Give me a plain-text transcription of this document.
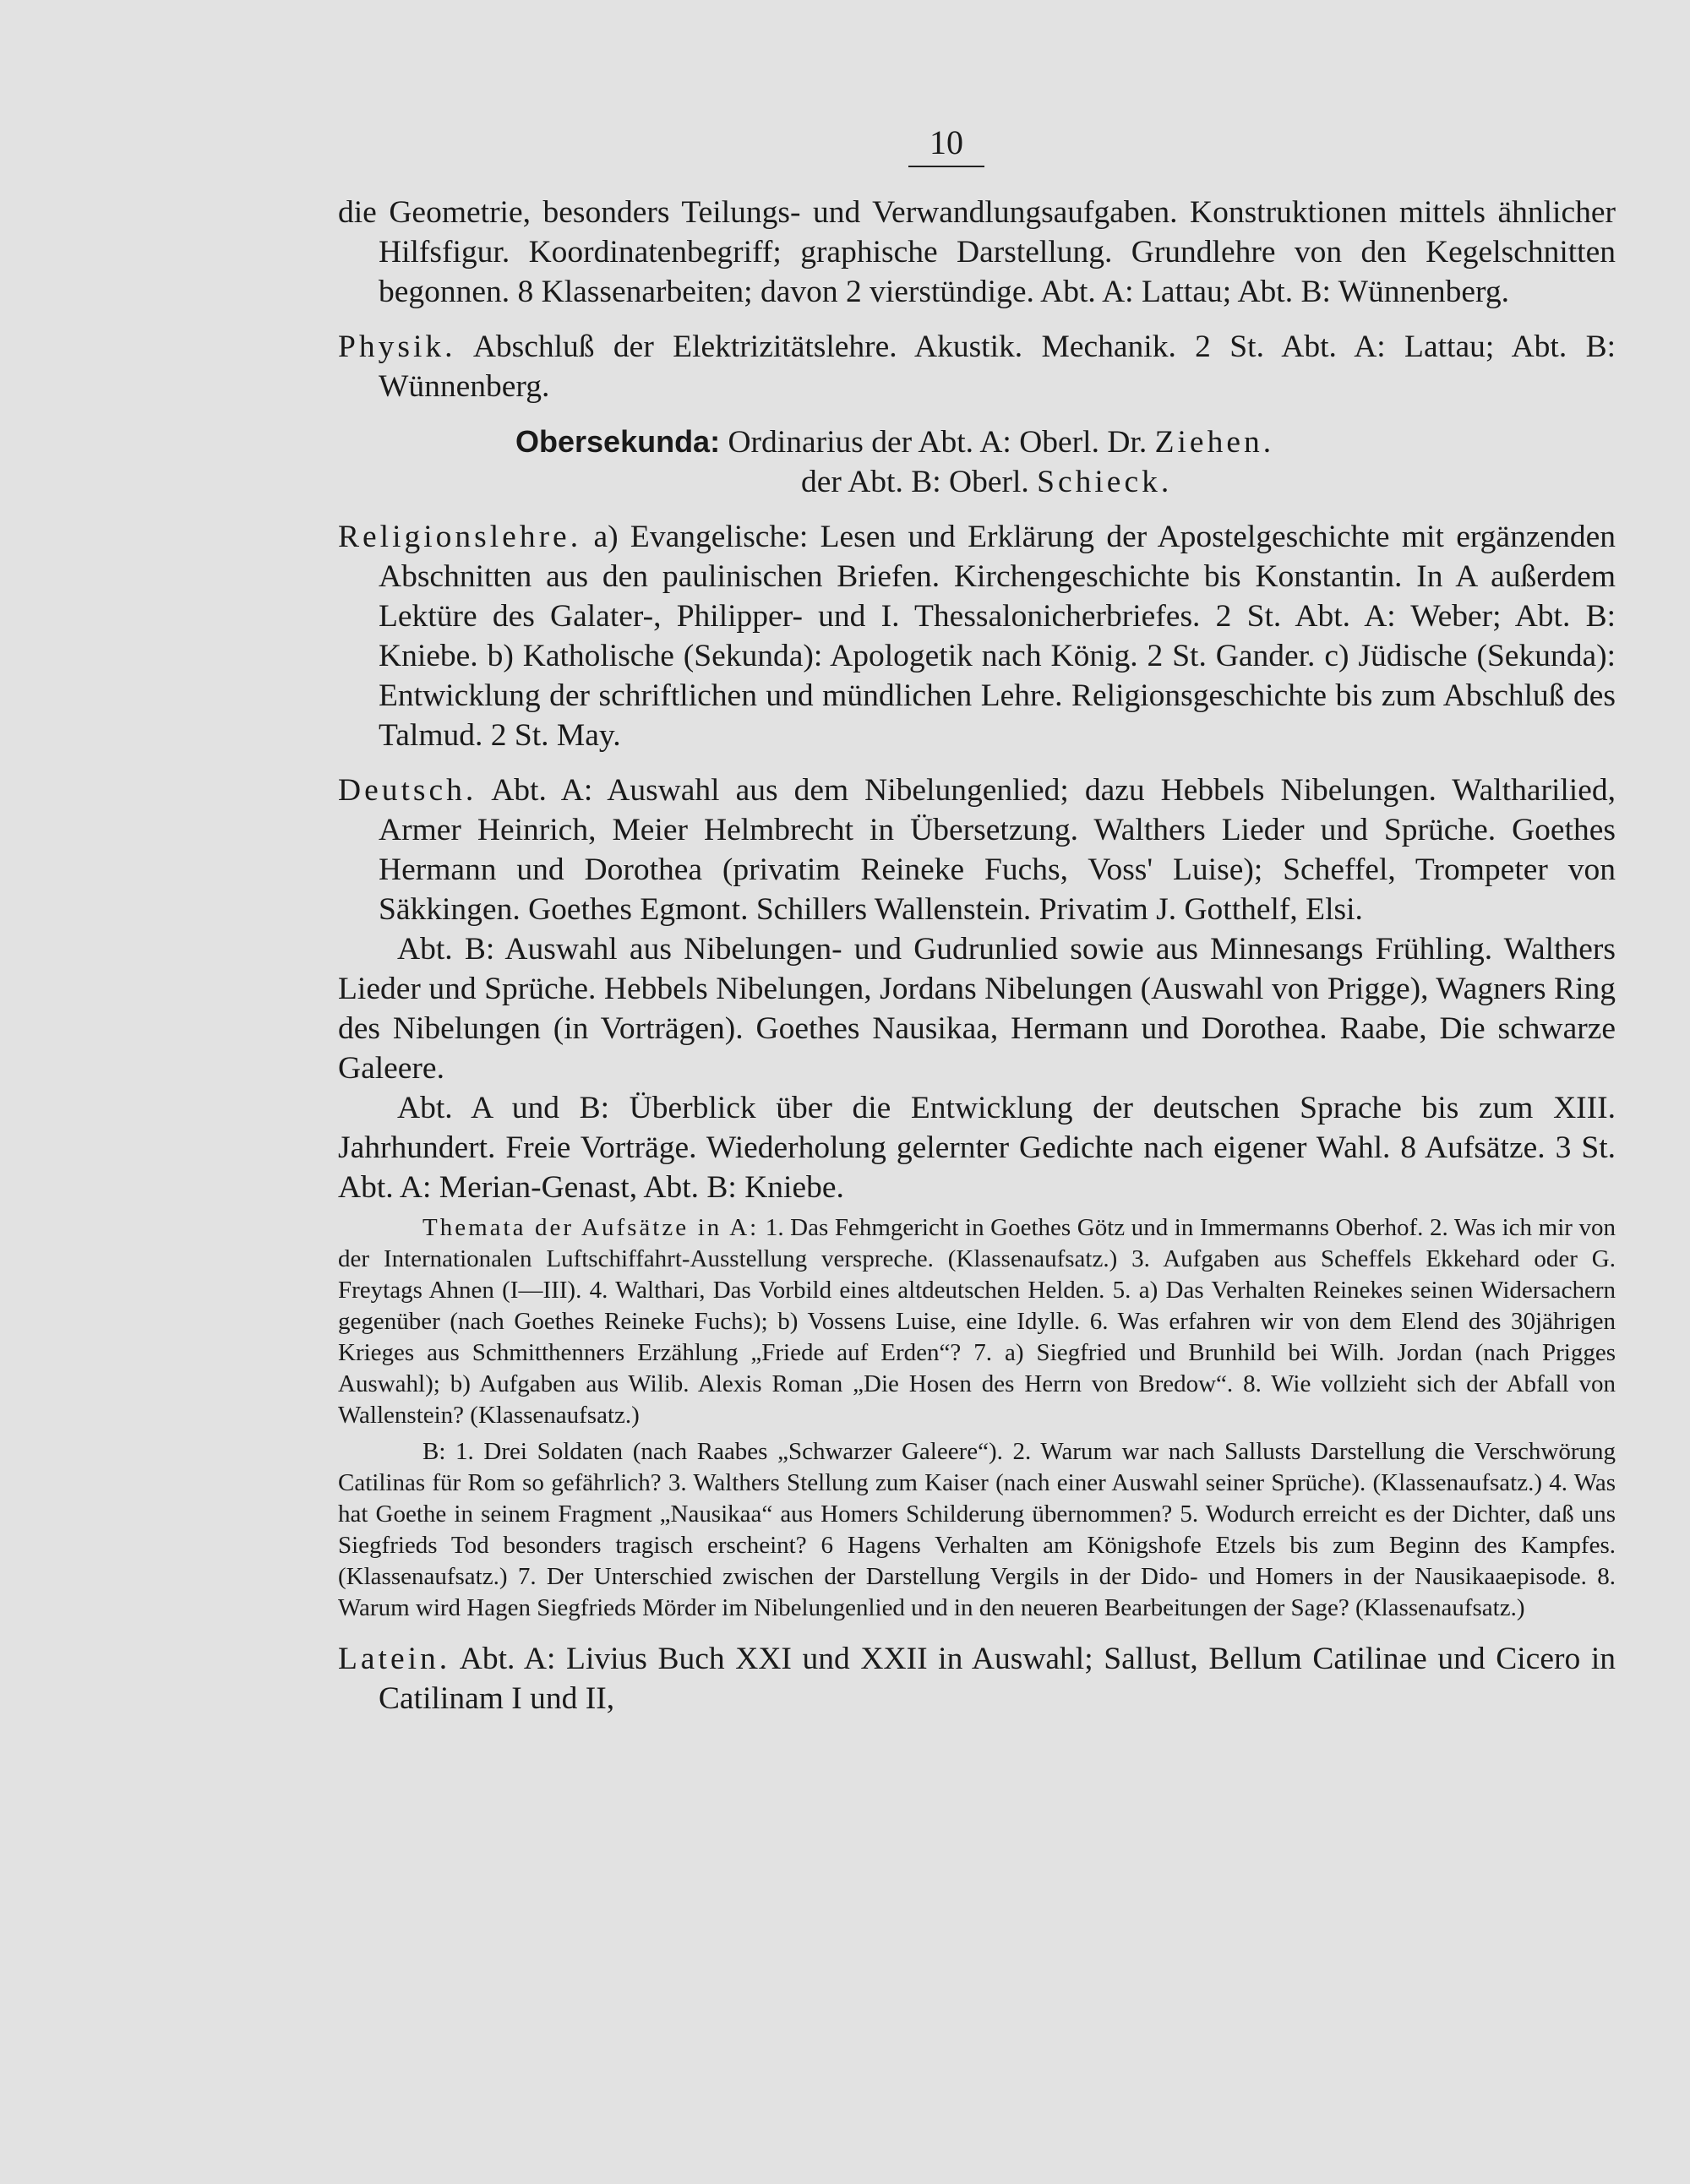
10

die Geometrie, besonders Teilungs- und Verwandlungsaufgaben. Konstruktionen mittels ähnlicher Hilfsfigur. Koordinatenbegriff; graphische Darstellung. Grundlehre von den Kegelschnitten begonnen. 8 Klassenarbeiten; davon 2 vierstündige. Abt. A: Lattau; Abt. B: Wünnenberg.

Physik. Abschluß der Elektrizitätslehre. Akustik. Mechanik. 2 St. Abt. A: Lattau; Abt. B: Wünnenberg.

Obersekunda: Ordinarius der Abt. A: Oberl. Dr. Ziehen.
der Abt. B: Oberl. Schieck.

Religionslehre. a) Evangelische: Lesen und Erklärung der Apostelgeschichte mit ergänzenden Abschnitten aus den paulinischen Briefen. Kirchengeschichte bis Konstantin. In A außerdem Lektüre des Galater-, Philipper- und I. Thessalonicherbriefes. 2 St. Abt. A: Weber; Abt. B: Kniebe. b) Katholische (Sekunda): Apologetik nach König. 2 St. Gander. c) Jüdische (Sekunda): Entwicklung der schriftlichen und mündlichen Lehre. Religionsgeschichte bis zum Abschluß des Talmud. 2 St. May.

Deutsch. Abt. A: Auswahl aus dem Nibelungenlied; dazu Hebbels Nibelungen. Waltharilied, Armer Heinrich, Meier Helmbrecht in Übersetzung. Walthers Lieder und Sprüche. Goethes Hermann und Dorothea (privatim Reineke Fuchs, Voss' Luise); Scheffel, Trompeter von Säkkingen. Goethes Egmont. Schillers Wallenstein. Privatim J. Gotthelf, Elsi.

Abt. B: Auswahl aus Nibelungen- und Gudrunlied sowie aus Minnesangs Frühling. Walthers Lieder und Sprüche. Hebbels Nibelungen, Jordans Nibelungen (Auswahl von Prigge), Wagners Ring des Nibelungen (in Vorträgen). Goethes Nausikaa, Hermann und Dorothea. Raabe, Die schwarze Galeere.

Abt. A und B: Überblick über die Entwicklung der deutschen Sprache bis zum XIII. Jahrhundert. Freie Vorträge. Wiederholung gelernter Gedichte nach eigener Wahl. 8 Aufsätze. 3 St. Abt. A: Merian-Genast, Abt. B: Kniebe.

Themata der Aufsätze in A: 1. Das Fehmgericht in Goethes Götz und in Immermanns Oberhof. 2. Was ich mir von der Internationalen Luftschiffahrt-Ausstellung verspreche. (Klassenaufsatz.) 3. Aufgaben aus Scheffels Ekkehard oder G. Freytags Ahnen (I—III). 4. Walthari, Das Vorbild eines altdeutschen Helden. 5. a) Das Verhalten Reinekes seinen Widersachern gegenüber (nach Goethes Reineke Fuchs); b) Vossens Luise, eine Idylle. 6. Was erfahren wir von dem Elend des 30jährigen Krieges aus Schmitthenners Erzählung „Friede auf Erden“? 7. a) Siegfried und Brunhild bei Wilh. Jordan (nach Prigges Auswahl); b) Aufgaben aus Wilib. Alexis Roman „Die Hosen des Herrn von Bredow“. 8. Wie vollzieht sich der Abfall von Wallenstein? (Klassenaufsatz.)

B: 1. Drei Soldaten (nach Raabes „Schwarzer Galeere“). 2. Warum war nach Sallusts Darstellung die Verschwörung Catilinas für Rom so gefährlich? 3. Walthers Stellung zum Kaiser (nach einer Auswahl seiner Sprüche). (Klassenaufsatz.) 4. Was hat Goethe in seinem Fragment „Nausikaa“ aus Homers Schilderung übernommen? 5. Wodurch erreicht es der Dichter, daß uns Siegfrieds Tod besonders tragisch erscheint? 6 Hagens Verhalten am Königshofe Etzels bis zum Beginn des Kampfes. (Klassenaufsatz.) 7. Der Unterschied zwischen der Darstellung Vergils in der Dido- und Homers in der Nausikaaepisode. 8. Warum wird Hagen Siegfrieds Mörder im Nibelungenlied und in den neueren Bearbeitungen der Sage? (Klassenaufsatz.)

Latein. Abt. A: Livius Buch XXI und XXII in Auswahl; Sallust, Bellum Catilinae und Cicero in Catilinam I und II,
